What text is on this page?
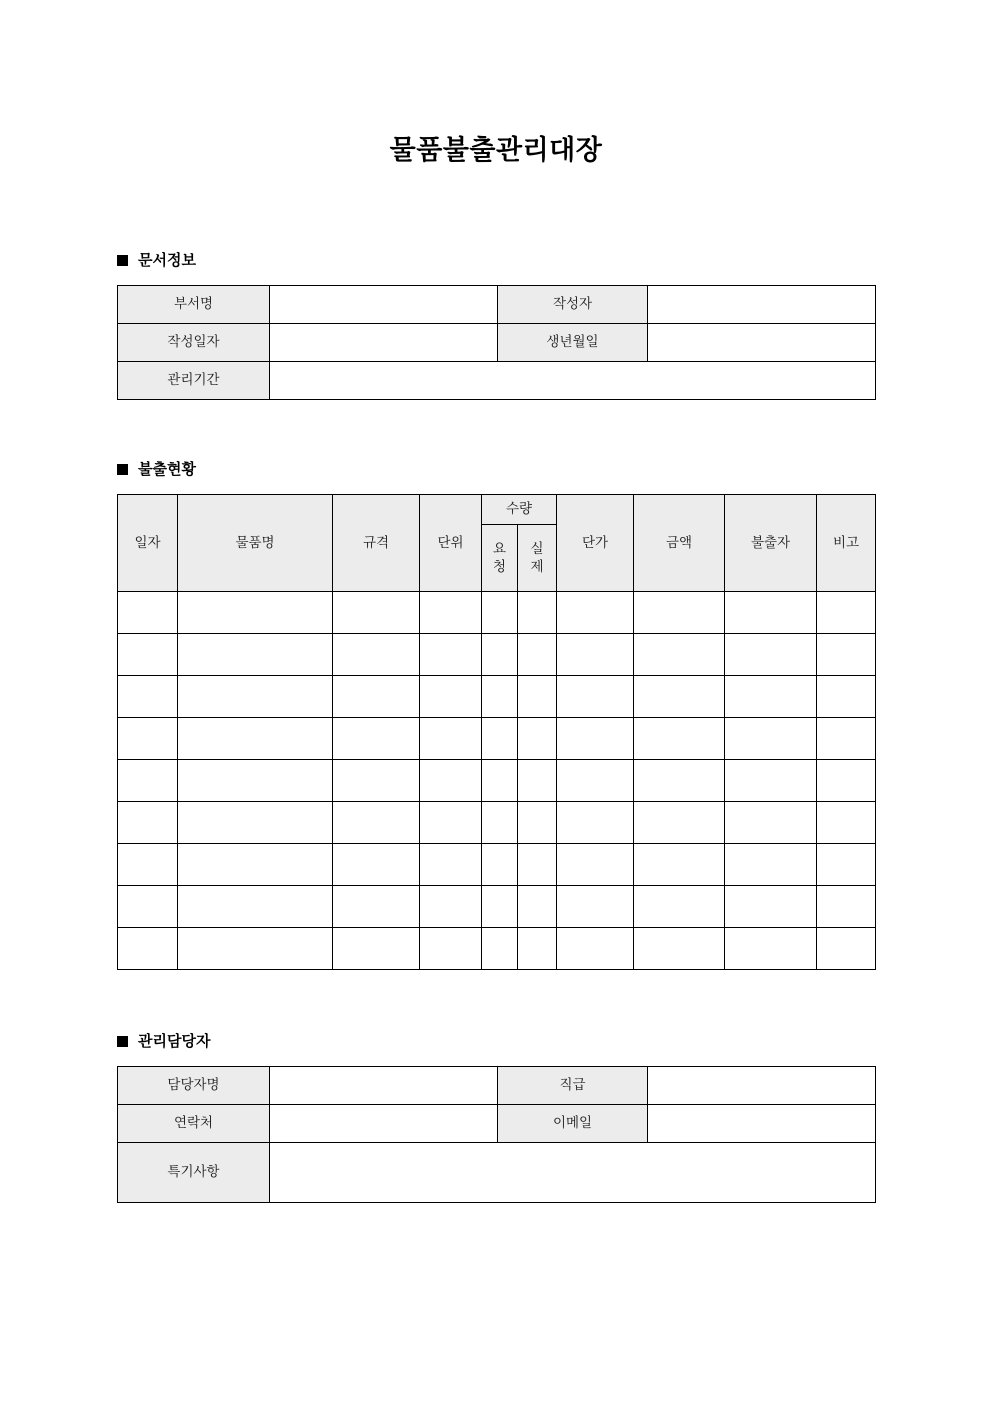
물품불출관리대장
문서정보
부서명		작성자	
작성일자		생년월일	
관리기간			
불출현황
일자	물품명	규격	단위	수량		단가	금액	불출자	비고
				요청	실제				

관리담당자
담당자명		직급	
연락처		이메일	
특기사항			
